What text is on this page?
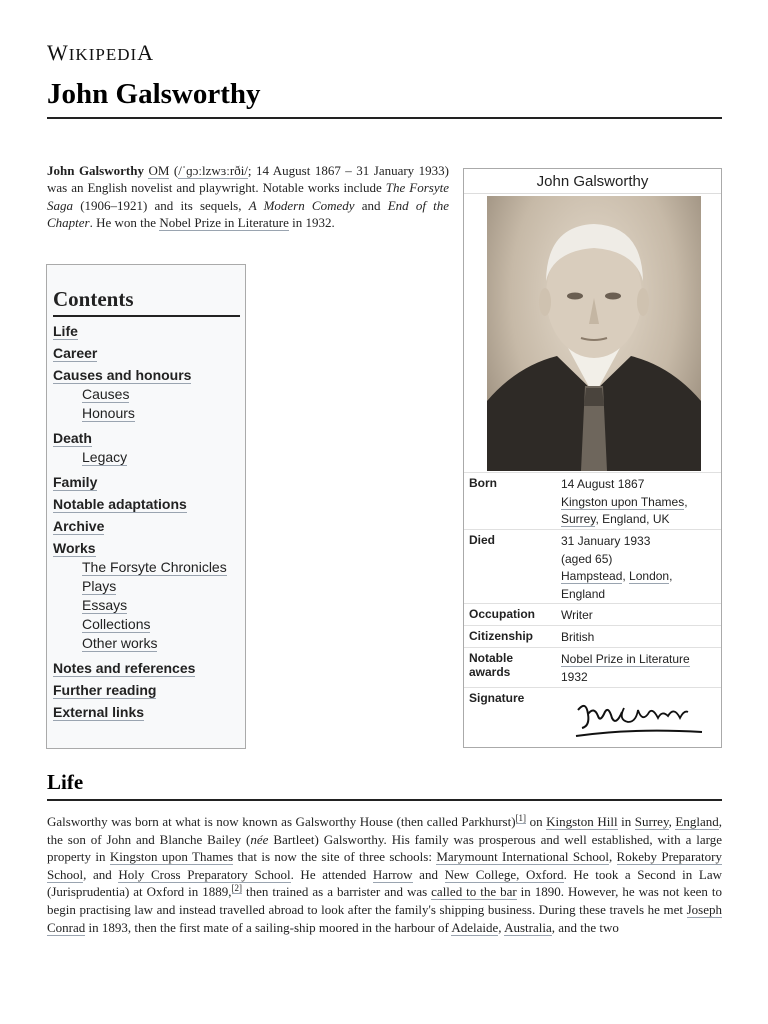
WIKIPEDIA
John Galsworthy

John Galsworthy OM (/ˈɡɔːlzwɜːrði/; 14 August 1867 – 31 January 1933) was an English novelist and playwright. Notable works include The Forsyte Saga (1906–1921) and its sequels, A Modern Comedy and End of the Chapter. He won the Nobel Prize in Literature in 1932.

Contents
Life
Career
Causes and honours
Causes
Honours
Death
Legacy
Family
Notable adaptations
Archive
Works
The Forsyte Chronicles
Plays
Essays
Collections
Other works
Notes and references
Further reading
External links
John Galsworthy
Born	14 August 1867
Kingston upon Thames,
Surrey, England, UK
Died	31 January 1933
(aged 65)
Hampstead, London,
England
Occupation Writer
Citizenship British
Notable awards
Nobel Prize in Literature
1932
Signature
Life

Galsworthy was born at what is now known as Galsworthy House (then called Parkhurst)[1] on Kingston Hill in Surrey, England, the son of John and Blanche Bailey (née Bartleet) Galsworthy. His family was prosperous and well established, with a large property in Kingston upon Thames that is now the site of three schools: Marymount International School, Rokeby Preparatory School, and Holy Cross Preparatory School. He attended Harrow and New College, Oxford. He took a Second in Law (Jurisprudentia) at Oxford in 1889,[2] then trained as a barrister and was called to the bar in 1890. However, he was not keen to begin practising law and instead travelled abroad to look after the family's shipping business. During these travels he met Joseph Conrad in 1893, then the first mate of a sailing-ship moored in the harbour of Adelaide, Australia, and the two
